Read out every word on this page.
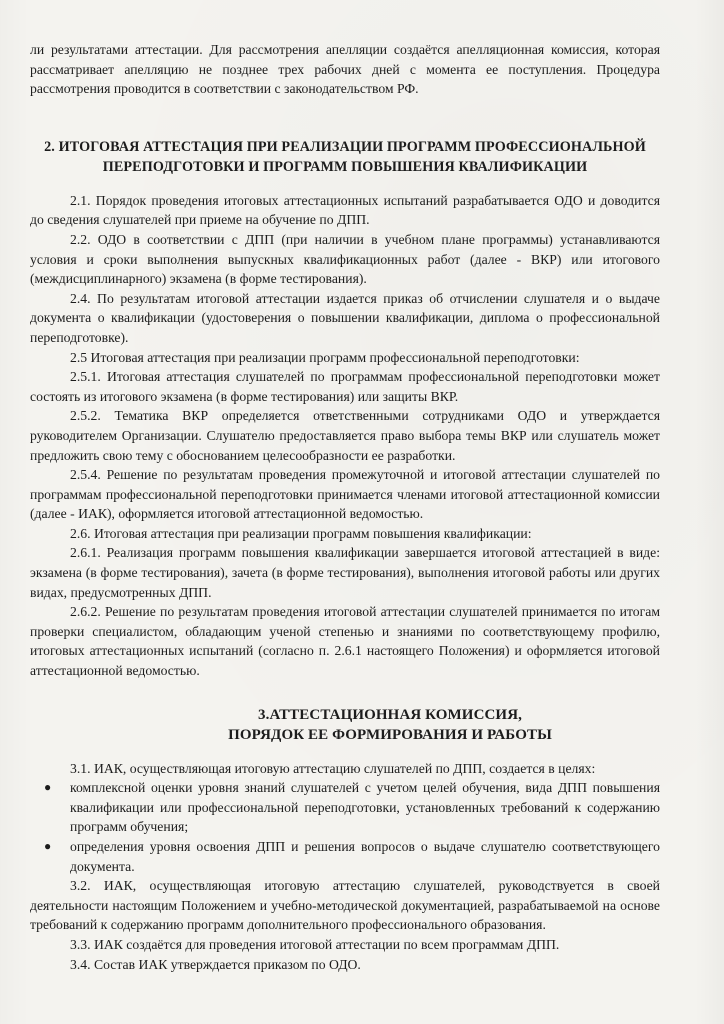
ли результатами аттестации. Для рассмотрения апелляции создаётся апелляционная комиссия, которая рассматривает апелляцию не позднее трех рабочих дней с момента ее поступления. Процедура рассмотрения проводится в соответствии с законодательством РФ.

2. ИТОГОВАЯ АТТЕСТАЦИЯ ПРИ РЕАЛИЗАЦИИ ПРОГРАММ ПРОФЕССИОНАЛЬНОЙ
ПЕРЕПОДГОТОВКИ И ПРОГРАММ ПОВЫШЕНИЯ КВАЛИФИКАЦИИ

2.1. Порядок проведения итоговых аттестационных испытаний разрабатывается ОДО и доводится до сведения слушателей при приеме на обучение по ДПП.

2.2. ОДО в соответствии с ДПП (при наличии в учебном плане программы) устанавливаются условия и сроки выполнения выпускных квалификационных работ (далее - ВКР) или итогового (междисциплинарного) экзамена (в форме тестирования).

2.4. По результатам итоговой аттестации издается приказ об отчислении слушателя и о выдаче документа о квалификации (удостоверения о повышении квалификации, диплома о профессиональной переподготовке).

2.5 Итоговая аттестация при реализации программ профессиональной переподготовки:

2.5.1. Итоговая аттестация слушателей по программам профессиональной переподготовки может состоять из итогового экзамена (в форме тестирования) или защиты ВКР.

2.5.2. Тематика ВКР определяется ответственными сотрудниками ОДО и утверждается руководителем Организации. Слушателю предоставляется право выбора темы ВКР или слушатель может предложить свою тему с обоснованием целесообразности ее разработки.

2.5.4. Решение по результатам проведения промежуточной и итоговой аттестации слушателей по программам профессиональной переподготовки принимается членами итоговой аттестационной комиссии (далее - ИАК), оформляется итоговой аттестационной ведомостью.

2.6. Итоговая аттестация при реализации программ повышения квалификации:

2.6.1. Реализация программ повышения квалификации завершается итоговой аттестацией в виде: экзамена (в форме тестирования), зачета (в форме тестирования), выполнения итоговой работы или других видах, предусмотренных ДПП.

2.6.2. Решение по результатам проведения итоговой аттестации слушателей принимается по итогам проверки специалистом, обладающим ученой степенью и знаниями по соответствующему профилю, итоговых аттестационных испытаний (согласно п. 2.6.1 настоящего Положения) и оформляется итоговой аттестационной ведомостью.

3.АТТЕСТАЦИОННАЯ КОМИССИЯ,
ПОРЯДОК ЕЕ ФОРМИРОВАНИЯ И РАБОТЫ

3.1. ИАК, осуществляющая итоговую аттестацию слушателей по ДПП, создается в целях:

● комплексной оценки уровня знаний слушателей с учетом целей обучения, вида ДПП повышения квалификации или профессиональной переподготовки, установленных требований к содержанию программ обучения;
● определения уровня освоения ДПП и решения вопросов о выдаче слушателю соответствующего документа.

3.2. ИАК, осуществляющая итоговую аттестацию слушателей, руководствуется в своей деятельности настоящим Положением и учебно-методической документацией, разрабатываемой на основе требований к содержанию программ дополнительного профессионального образования.

3.3. ИАК создаётся для проведения итоговой аттестации по всем программам ДПП.

3.4. Состав ИАК утверждается приказом по ОДО.
